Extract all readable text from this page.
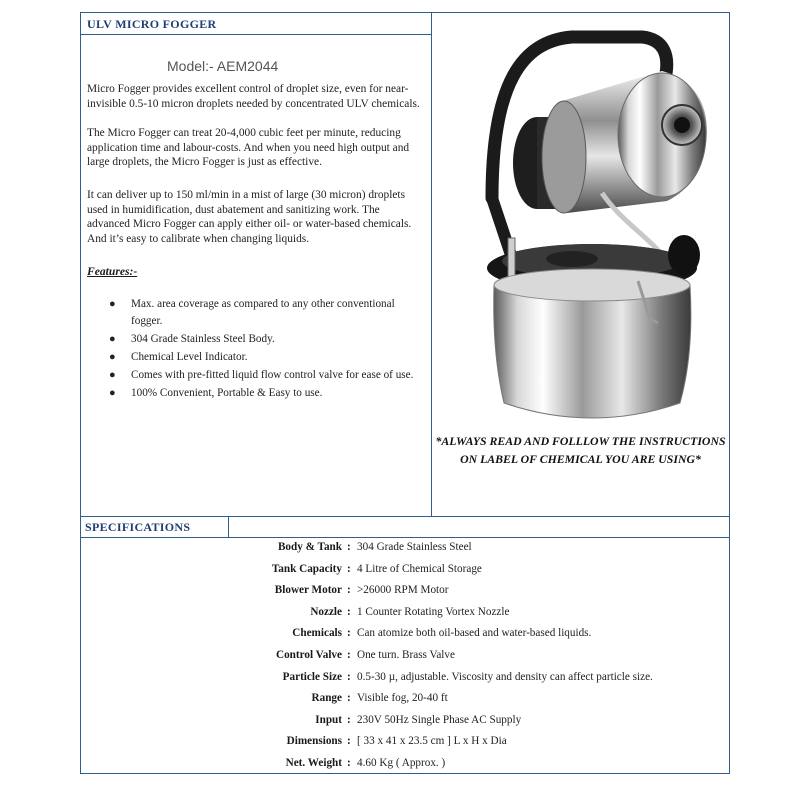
ULV MICRO FOGGER
Model:- AEM2044
Micro Fogger provides excellent control of droplet size, even for near-invisible 0.5-10 micron droplets needed by concentrated ULV chemicals.
The Micro Fogger can treat 20-4,000 cubic feet per minute, reducing application time and labour-costs. And when you need high output and large droplets, the Micro Fogger is just as effective.
It can deliver up to 150 ml/min in a mist of large (30 micron) droplets used in humidification, dust abatement and sanitizing work. The advanced Micro Fogger can apply either oil- or water-based chemicals. And it’s easy to calibrate when changing liquids.
Features:-
● Max. area coverage as compared to any other conventional fogger.
● 304 Grade Stainless Steel Body.
● Chemical Level Indicator.
● Comes with pre-fitted liquid flow control valve for ease of use.
● 100% Convenient, Portable & Easy to use.
*ALWAYS READ AND FOLLLOW THE INSTRUCTIONS ON LABEL OF CHEMICAL YOU ARE USING*
SPECIFICATIONS
Body & Tank : 304 Grade Stainless Steel
Tank Capacity : 4 Litre of Chemical Storage
Blower Motor : >26000 RPM Motor
Nozzle : 1 Counter Rotating Vortex Nozzle
Chemicals : Can atomize both oil-based and water-based liquids.
Control Valve : One turn. Brass Valve
Particle Size : 0.5-30 µ, adjustable. Viscosity and density can affect particle size.
Range : Visible fog, 20-40 ft
Input : 230V 50Hz Single Phase AC Supply
Dimensions : [ 33 x 41 x 23.5 cm ] L x H x Dia
Net. Weight : 4.60 Kg ( Approx. )
